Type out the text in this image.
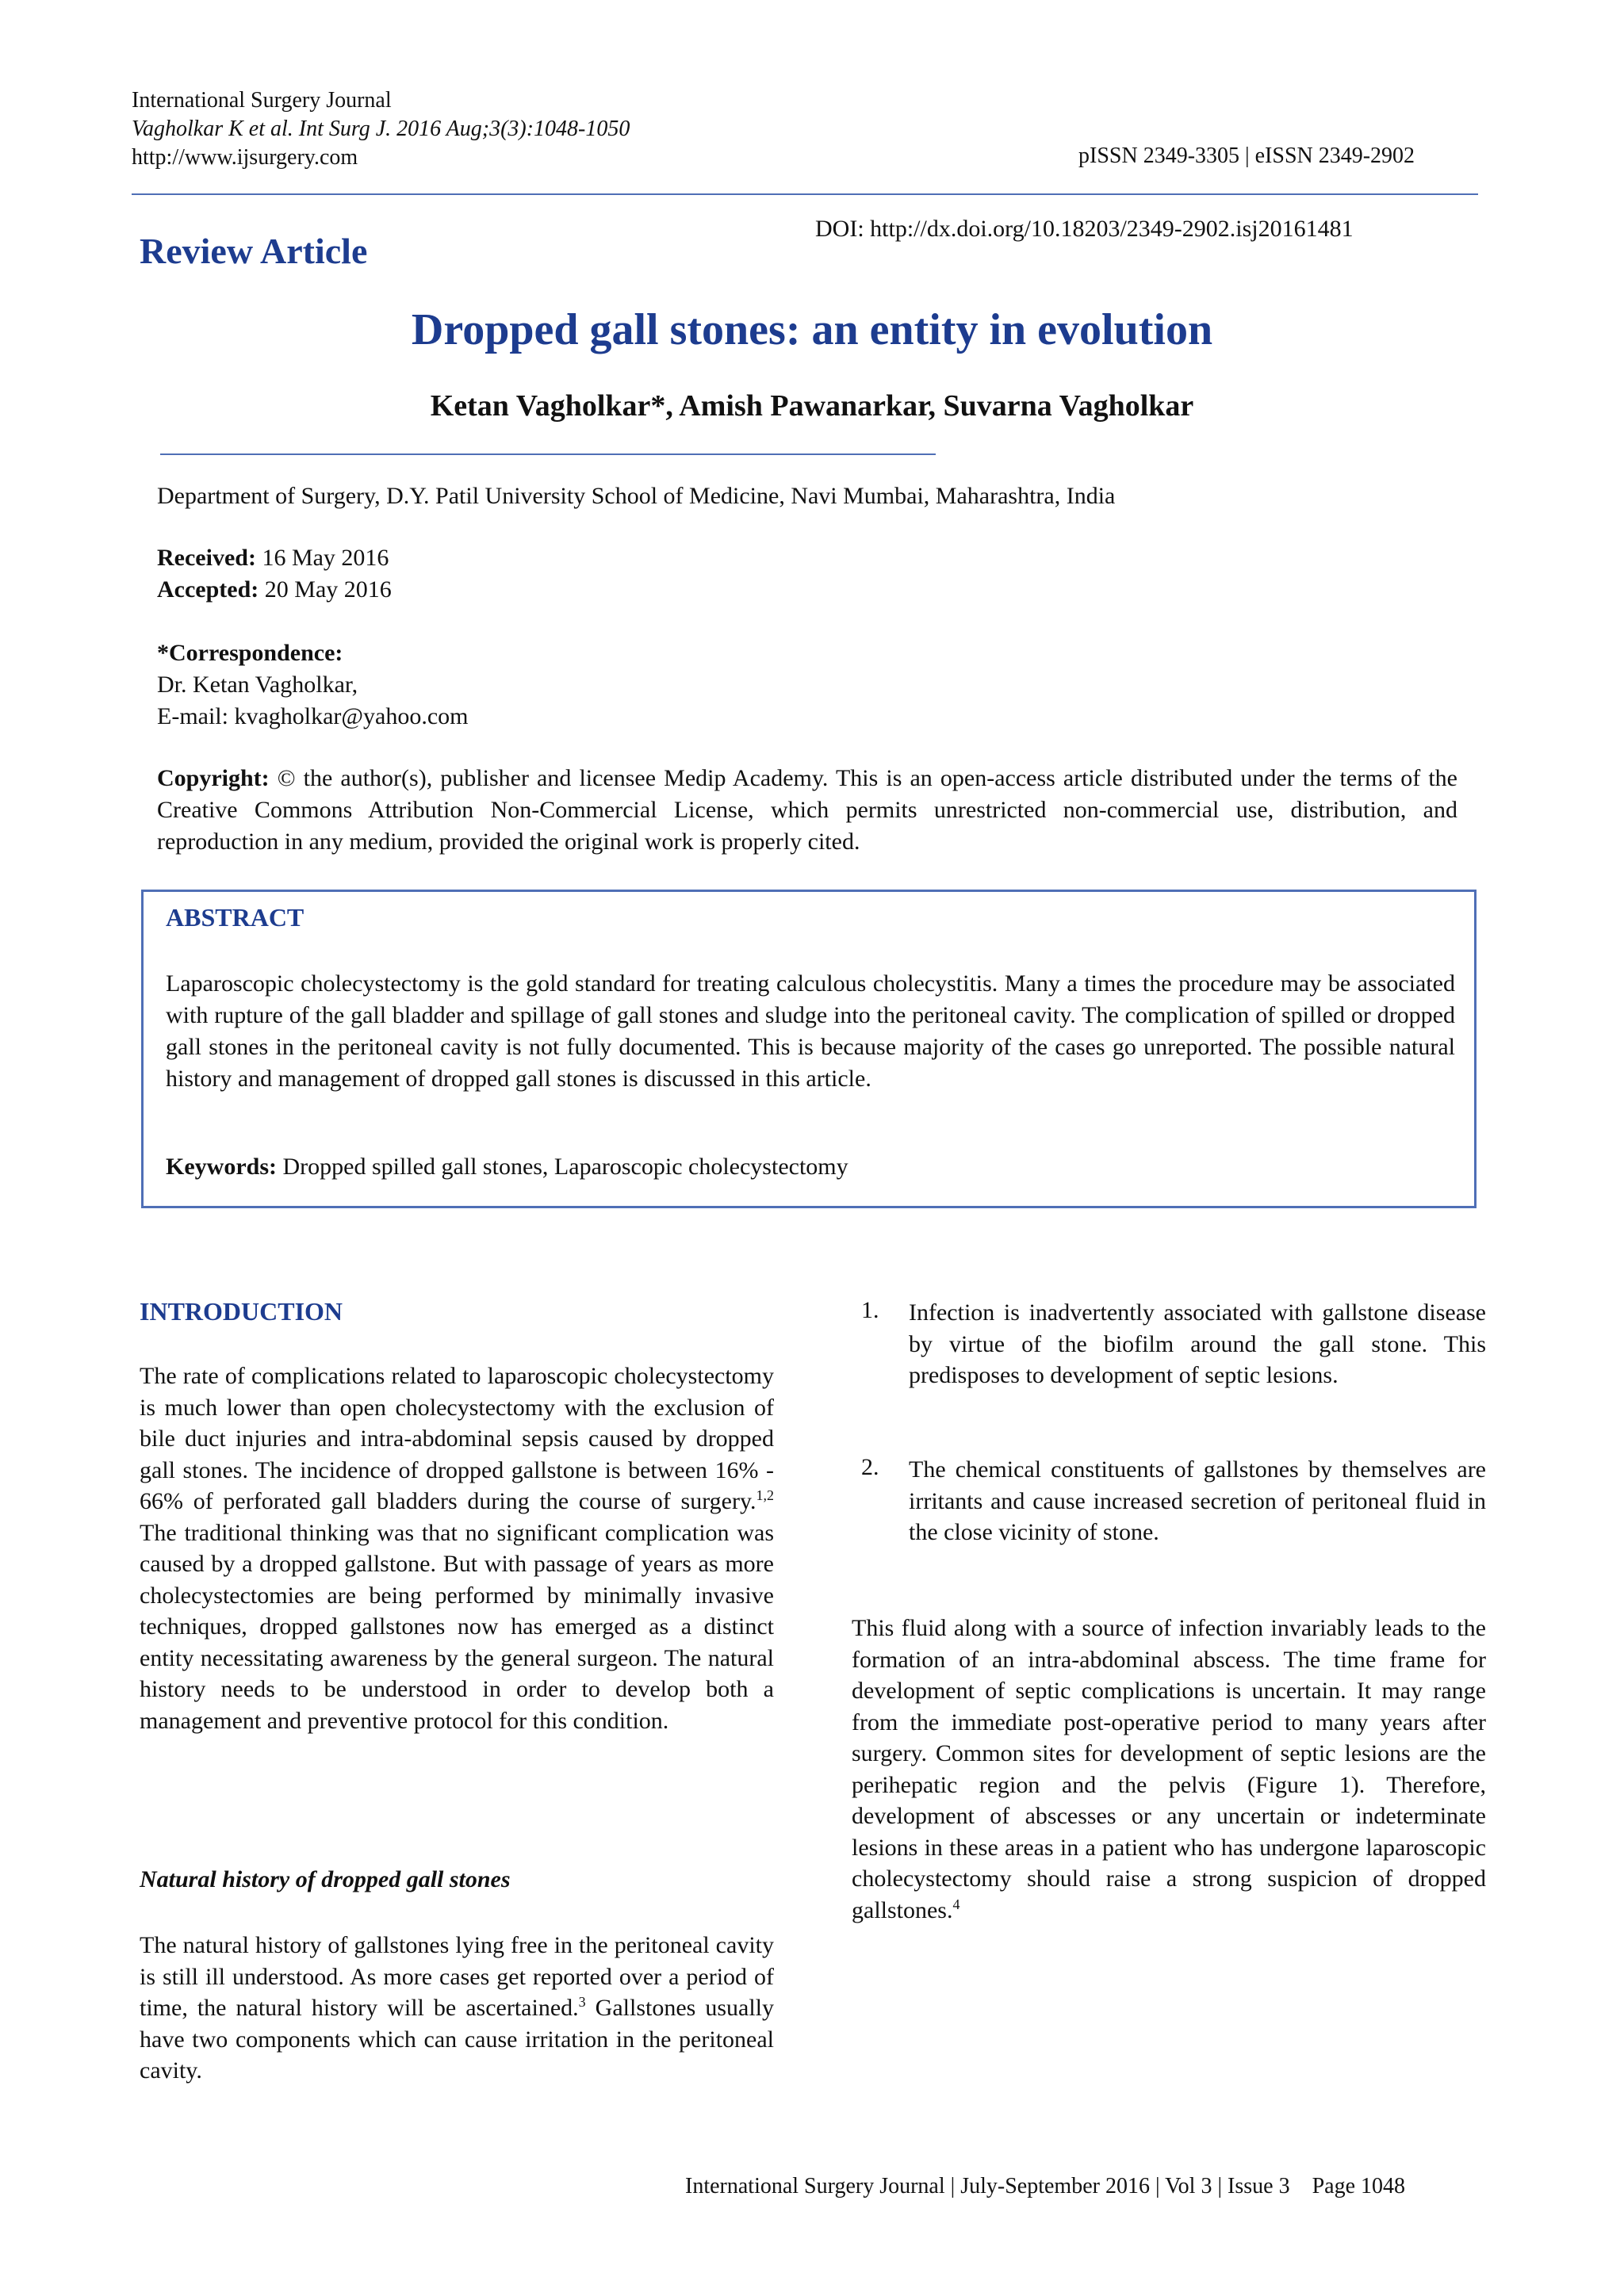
International Surgery Journal
Vagholkar K et al. Int Surg J. 2016 Aug;3(3):1048-1050
http://www.ijsurgery.com	pISSN 2349-3305 | eISSN 2349-2902
Review Article
DOI: http://dx.doi.org/10.18203/2349-2902.isj20161481
Dropped gall stones: an entity in evolution
Ketan Vagholkar*, Amish Pawanarkar, Suvarna Vagholkar
Department of Surgery, D.Y. Patil University School of Medicine, Navi Mumbai, Maharashtra, India
Received: 16 May 2016
Accepted: 20 May 2016
*Correspondence:
Dr. Ketan Vagholkar,
E-mail: kvagholkar@yahoo.com
Copyright: © the author(s), publisher and licensee Medip Academy. This is an open-access article distributed under the terms of the Creative Commons Attribution Non-Commercial License, which permits unrestricted non-commercial use, distribution, and reproduction in any medium, provided the original work is properly cited.
ABSTRACT
Laparoscopic cholecystectomy is the gold standard for treating calculous cholecystitis. Many a times the procedure may be associated with rupture of the gall bladder and spillage of gall stones and sludge into the peritoneal cavity. The complication of spilled or dropped gall stones in the peritoneal cavity is not fully documented. This is because majority of the cases go unreported. The possible natural history and management of dropped gall stones is discussed in this article.
Keywords: Dropped spilled gall stones, Laparoscopic cholecystectomy
INTRODUCTION
The rate of complications related to laparoscopic cholecystectomy is much lower than open cholecystectomy with the exclusion of bile duct injuries and intra-abdominal sepsis caused by dropped gall stones. The incidence of dropped gallstone is between 16% - 66% of perforated gall bladders during the course of surgery.$^{1,2}$ The traditional thinking was that no significant complication was caused by a dropped gallstone. But with passage of years as more cholecystectomies are being performed by minimally invasive techniques, dropped gallstones now has emerged as a distinct entity necessitating awareness by the general surgeon. The natural history needs to be understood in order to develop both a management and preventive protocol for this condition.
Natural history of dropped gall stones
The natural history of gallstones lying free in the peritoneal cavity is still ill understood. As more cases get reported over a period of time, the natural history will be ascertained.$^3$ Gallstones usually have two components which can cause irritation in the peritoneal cavity.
1. Infection is inadvertently associated with gallstone disease by virtue of the biofilm around the gall stone. This predisposes to development of septic lesions.
2. The chemical constituents of gallstones by themselves are irritants and cause increased secretion of peritoneal fluid in the close vicinity of stone.
This fluid along with a source of infection invariably leads to the formation of an intra-abdominal abscess. The time frame for development of septic complications is uncertain. It may range from the immediate post-operative period to many years after surgery. Common sites for development of septic lesions are the perihepatic region and the pelvis (Figure 1). Therefore, development of abscesses or any uncertain or indeterminate lesions in these areas in a patient who has undergone laparoscopic cholecystectomy should raise a strong suspicion of dropped gallstones.$^4$
International Surgery Journal | July-September 2016 | Vol 3 | Issue 3    Page 1048
